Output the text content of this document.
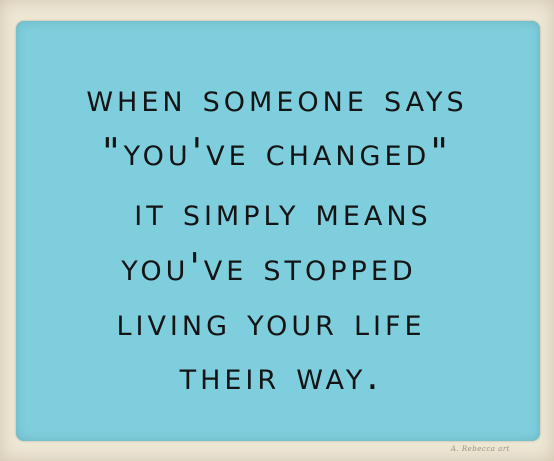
when someone says
"you've changed"
it simply means
you've stopped
living your life
their way.
A. Rebecca art
